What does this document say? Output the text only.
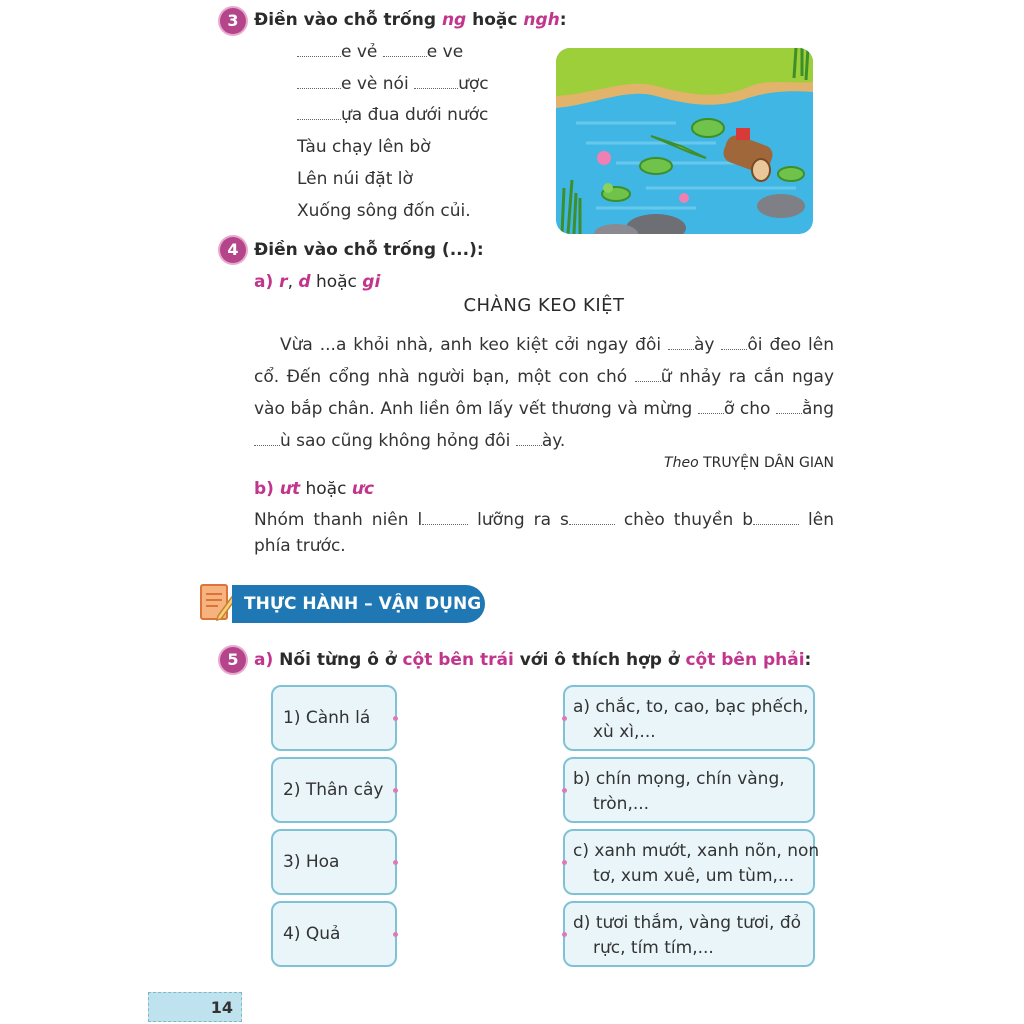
3 Điền vào chỗ trống ng hoặc ngh:
e vẻ	e ve
e vè nói	ược
ựa đua dưới nước
Tàu chạy lên bờ
Lên núi đặt lờ
Xuống sông đốn củi.
4 Điền vào chỗ trống (...):
a) r, d hoặc gi
CHÀNG KEO KIỆT
Vừa ...a khỏi nhà, anh keo kiệt cởi ngay đôi ày ôi đeo lên cổ. Đến cổng nhà người bạn, một con chó ữ nhảy ra cắn ngay vào bắp chân. Anh liền ôm lấy vết thương và mừng ỡ cho ằng ù sao cũng không hỏng đôi ày.
Theo TRUYỆN DÂN GIAN
b) ưt hoặc ưc
Nhóm thanh niên l	lưỡng ra s	chèo thuyền b	lên
phía trước.
THỰC HÀNH – VẬN DỤNG
5 a) Nối từng ô ở cột bên trái với ô thích hợp ở cột bên phải:
1) Cành lá
2) Thân cây
3) Hoa
4) Quả
a) chắc, to, cao, bạc phếch,
xù xì,...
b) chín mọng, chín vàng,
tròn,...
c) xanh mướt, xanh nõn, non
tơ, xum xuê, um tùm,...
d) tươi thắm, vàng tươi, đỏ
rực, tím tím,...
14
